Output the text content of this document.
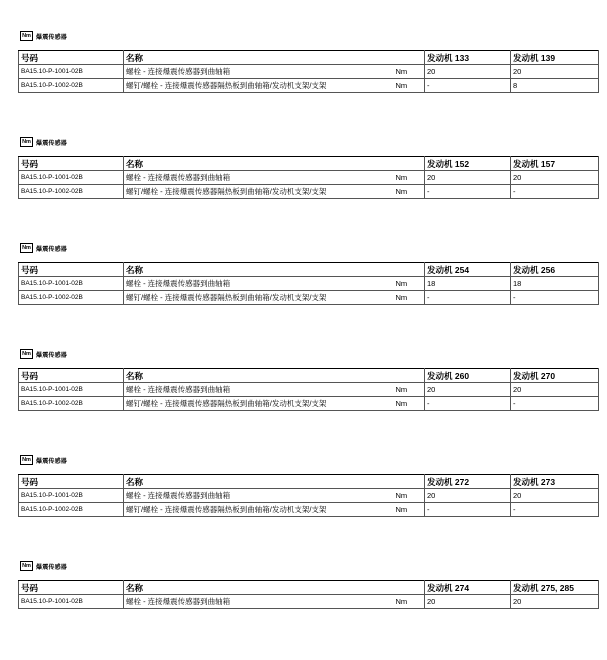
Nm 爆震传感器
号码	名称		发动机 133	发动机 139
BA15.10-P-1001-02B	螺栓 - 连接爆震传感器到曲轴箱	Nm	20	20
BA15.10-P-1002-02B	螺钉/螺栓 - 连接爆震传感器隔热板到曲轴箱/发动机支架/支架	Nm	-	8
Nm 爆震传感器
号码	名称		发动机 152	发动机 157
BA15.10-P-1001-02B	螺栓 - 连接爆震传感器到曲轴箱	Nm	20	20
BA15.10-P-1002-02B	螺钉/螺栓 - 连接爆震传感器隔热板到曲轴箱/发动机支架/支架	Nm	-	-
Nm 爆震传感器
号码	名称		发动机 254	发动机 256
BA15.10-P-1001-02B	螺栓 - 连接爆震传感器到曲轴箱	Nm	18	18
BA15.10-P-1002-02B	螺钉/螺栓 - 连接爆震传感器隔热板到曲轴箱/发动机支架/支架	Nm	-	-
Nm 爆震传感器
号码	名称		发动机 260	发动机 270
BA15.10-P-1001-02B	螺栓 - 连接爆震传感器到曲轴箱	Nm	20	20
BA15.10-P-1002-02B	螺钉/螺栓 - 连接爆震传感器隔热板到曲轴箱/发动机支架/支架	Nm	-	-
Nm 爆震传感器
号码	名称		发动机 272	发动机 273
BA15.10-P-1001-02B	螺栓 - 连接爆震传感器到曲轴箱	Nm	20	20
BA15.10-P-1002-02B	螺钉/螺栓 - 连接爆震传感器隔热板到曲轴箱/发动机支架/支架	Nm	-	-
Nm 爆震传感器
号码	名称		发动机 274	发动机 275, 285
BA15.10-P-1001-02B	螺栓 - 连接爆震传感器到曲轴箱	Nm	20	20
